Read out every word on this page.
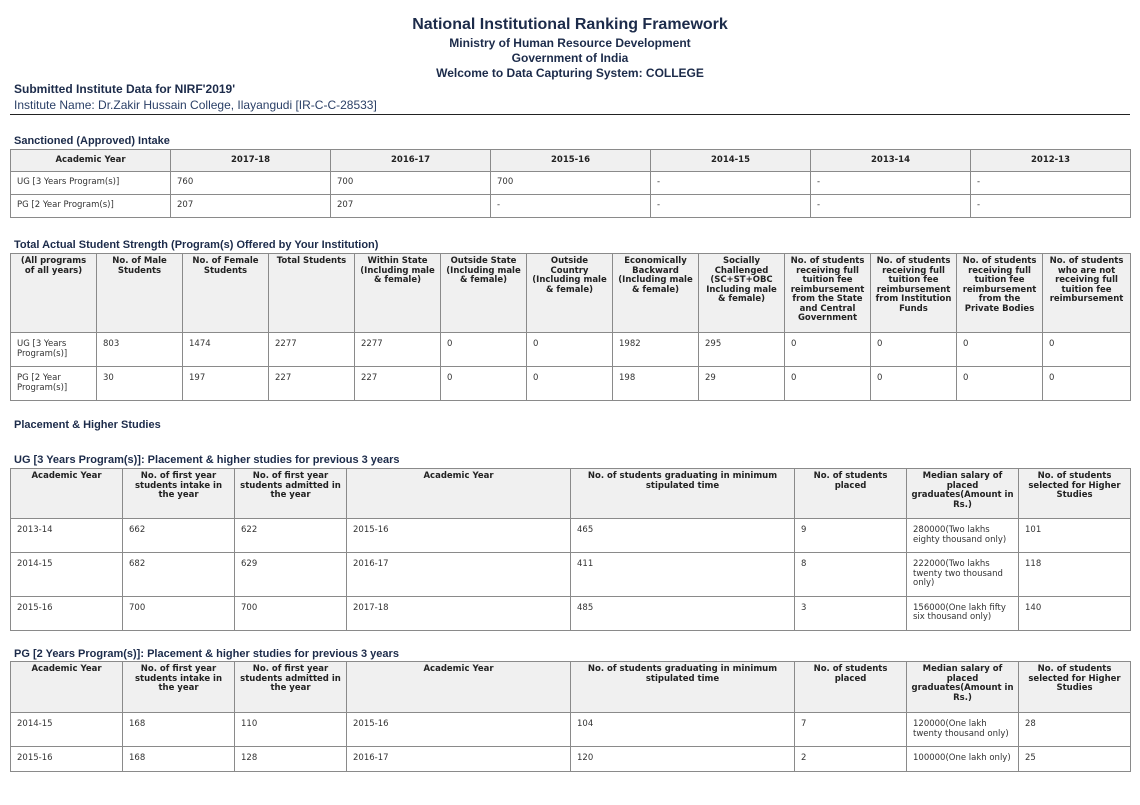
National Institutional Ranking Framework
Ministry of Human Resource Development
Government of India
Welcome to Data Capturing System: COLLEGE
Submitted Institute Data for NIRF'2019'
Institute Name: Dr.Zakir Hussain College, Ilayangudi [IR-C-C-28533]
Sanctioned (Approved) Intake
Academic Year	2017-18	2016-17	2015-16	2014-15	2013-14	2012-13
UG [3 Years Program(s)]	760	700	700	-	-	-
PG [2 Year Program(s)]	207	207	-	-	-	-
Total Actual Student Strength (Program(s) Offered by Your Institution)
(All programs of all years)	No. of Male Students	No. of Female Students	Total Students	Within State (Including male & female)	Outside State (Including male & female)	Outside Country (Including male & female)	Economically Backward (Including male & female)	Socially Challenged (SC+ST+OBC Including male & female)	No. of students receiving full tuition fee reimbursement from the State and Central Government	No. of students receiving full tuition fee reimbursement from Institution Funds	No. of students receiving full tuition fee reimbursement from the Private Bodies	No. of students who are not receiving full tuition fee reimbursement
UG [3 Years Program(s)]	803	1474	2277	2277	0	0	1982	295	0	0	0	0
PG [2 Year Program(s)]	30	197	227	227	0	0	198	29	0	0	0	0
Placement & Higher Studies
UG [3 Years Program(s)]: Placement & higher studies for previous 3 years
Academic Year	No. of first year students intake in the year	No. of first year students admitted in the year	Academic Year	No. of students graduating in minimum stipulated time	No. of students placed	Median salary of placed graduates(Amount in Rs.)	No. of students selected for Higher Studies
2013-14	662	622	2015-16	465	9	280000(Two lakhs eighty thousand only)	101
2014-15	682	629	2016-17	411	8	222000(Two lakhs twenty two thousand only)	118
2015-16	700	700	2017-18	485	3	156000(One lakh fifty six thousand only)	140
PG [2 Years Program(s)]: Placement & higher studies for previous 3 years
Academic Year	No. of first year students intake in the year	No. of first year students admitted in the year	Academic Year	No. of students graduating in minimum stipulated time	No. of students placed	Median salary of placed graduates(Amount in Rs.)	No. of students selected for Higher Studies
2014-15	168	110	2015-16	104	7	120000(One lakh twenty thousand only)	28
2015-16	168	128	2016-17	120	2	100000(One lakh only)	25
